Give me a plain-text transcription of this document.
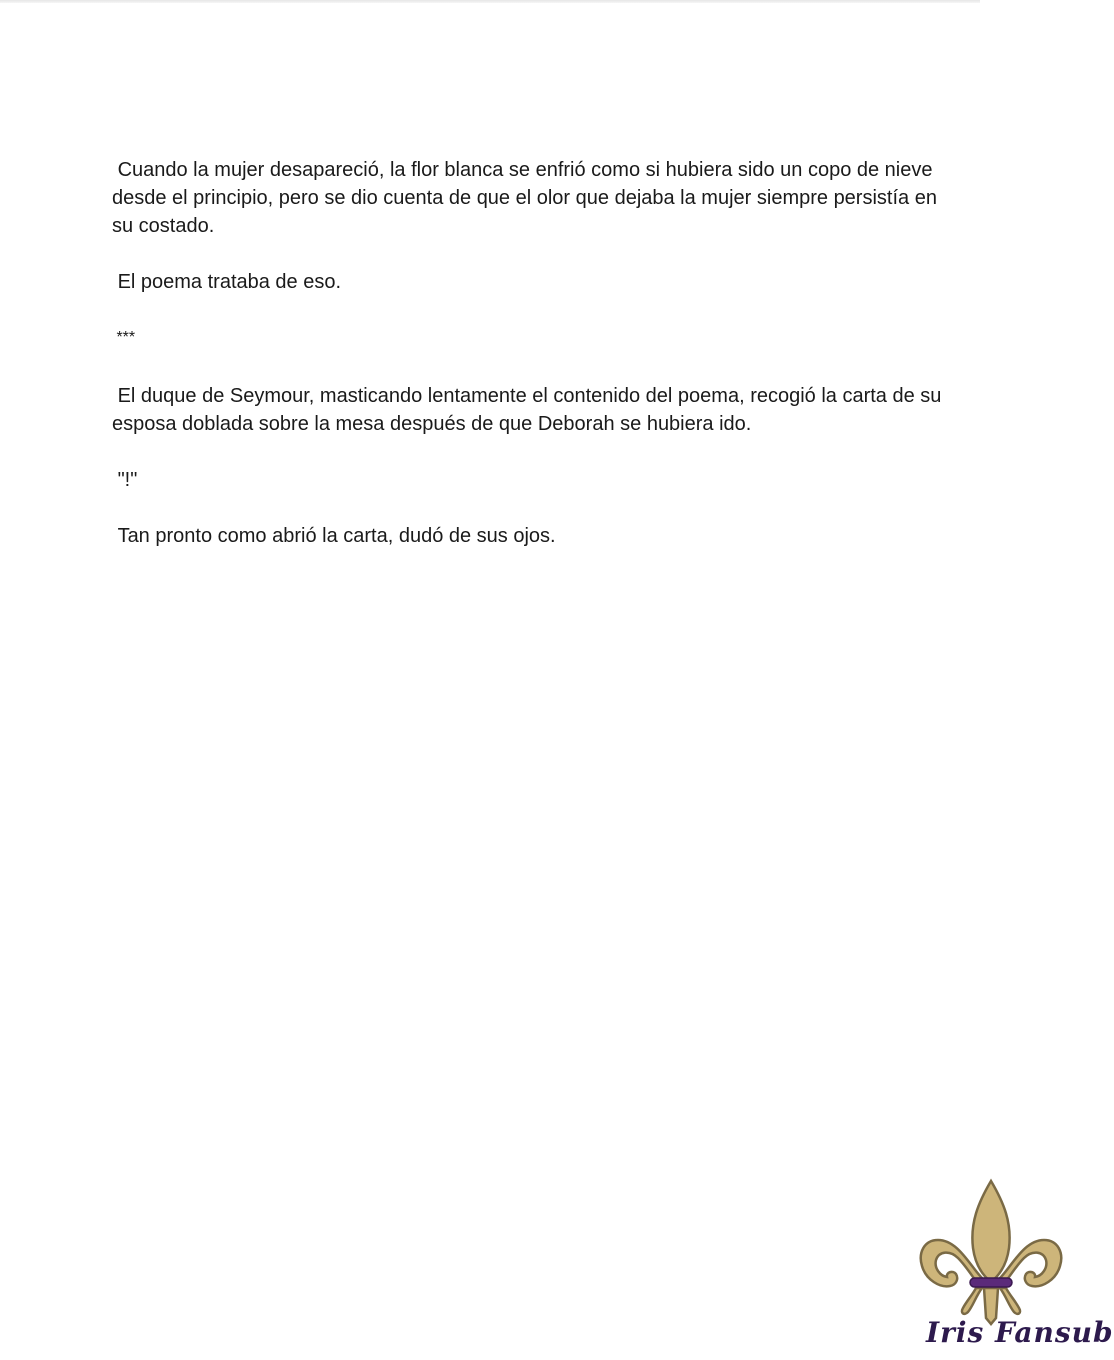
Cuando la mujer desapareció, la flor blanca se enfrió como si hubiera sido un copo de nieve desde el principio, pero se dio cuenta de que el olor que dejaba la mujer siempre persistía en su costado.

El poema trataba de eso.

***

El duque de Seymour, masticando lentamente el contenido del poema, recogió la carta de su esposa doblada sobre la mesa después de que Deborah se hubiera ido.

"!"

Tan pronto como abrió la carta, dudó de sus ojos.

Iris Fansub
